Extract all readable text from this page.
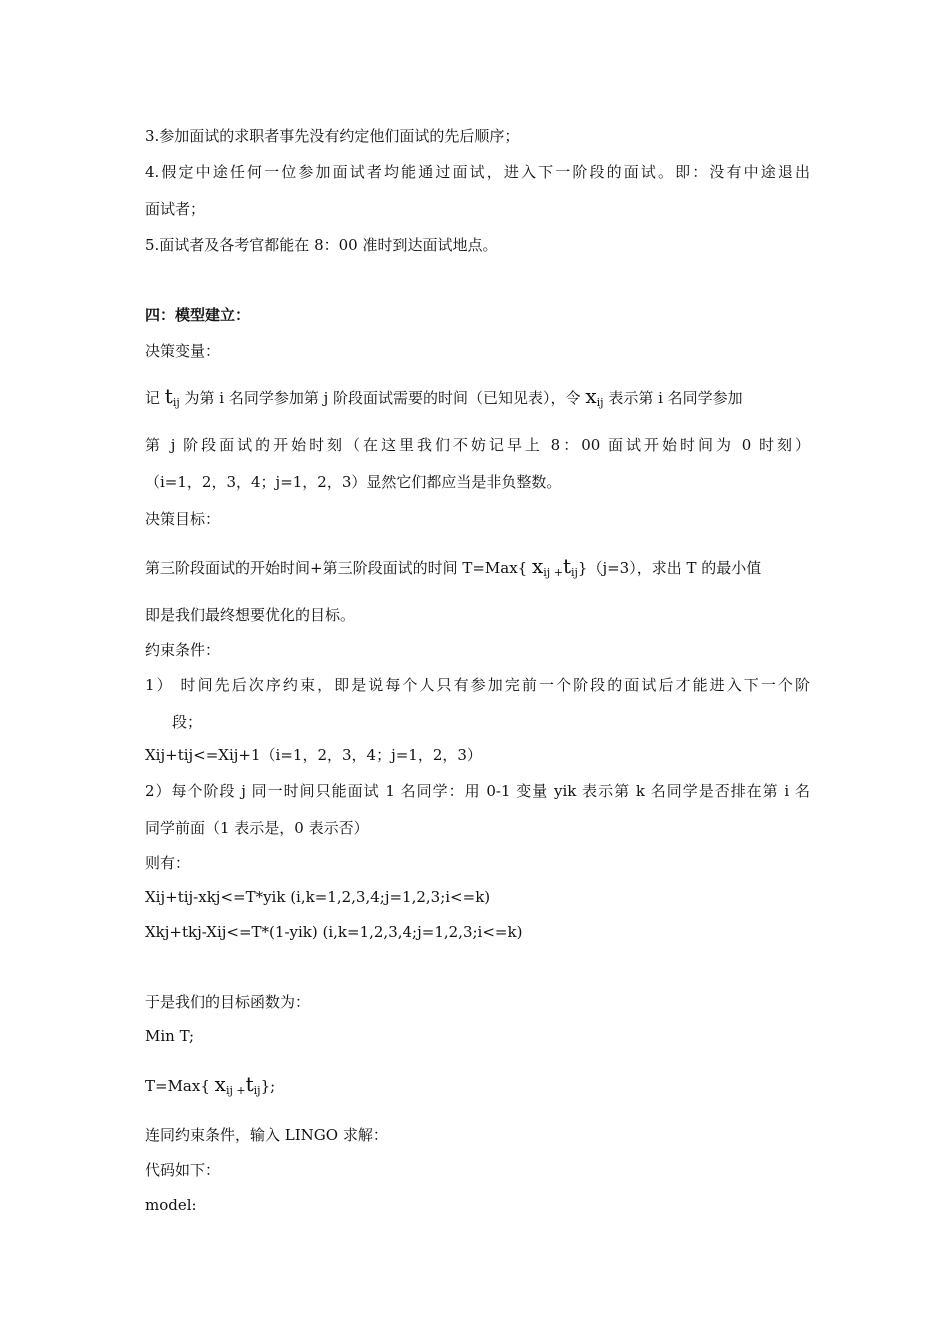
3.参加面试的求职者事先没有约定他们面试的先后顺序；
4.假定中途任何一位参加面试者均能通过面试，进入下一阶段的面试。即：没有中途退出
面试者；
5.面试者及各考官都能在 8：00 准时到达面试地点。
四：模型建立：
决策变量：
记 $t_{ij}$ 为第 i 名同学参加第 j 阶段面试需要的时间（已知见表），令 $x_{ij}$ 表示第 i 名同学参加
第 j 阶段面试的开始时刻（在这里我们不妨记早上 8：00 面试开始时间为 0 时刻）
（i=1，2，3，4；j=1，2，3）显然它们都应当是非负整数。
决策目标：
第三阶段面试的开始时间+第三阶段面试的时间 T=Max{ $x_{ij +}t_{ij}\}(j=3)$，求出 T 的最小值
即是我们最终想要优化的目标。
约束条件：
1） 时间先后次序约束，即是说每个人只有参加完前一个阶段的面试后才能进入下一个阶
段；
Xij+tij<=Xij+1（i=1，2，3，4；j=1，2，3）
2）每个阶段 j 同一时间只能面试 1 名同学：用 0-1 变量 yik 表示第 k 名同学是否排在第 i 名
同学前面（1 表示是，0 表示否）
则有：
Xij+tij-xkj<=T*yik (i,k=1,2,3,4;j=1,2,3;i<=k)
Xkj+tkj-Xij<=T*(1-yik) (i,k=1,2,3,4;j=1,2,3;i<=k)
于是我们的目标函数为：
Min T;
T=Max{ $x_{ij +}t_{ij}$};
连同约束条件，输入 LINGO 求解：
代码如下：
model:
